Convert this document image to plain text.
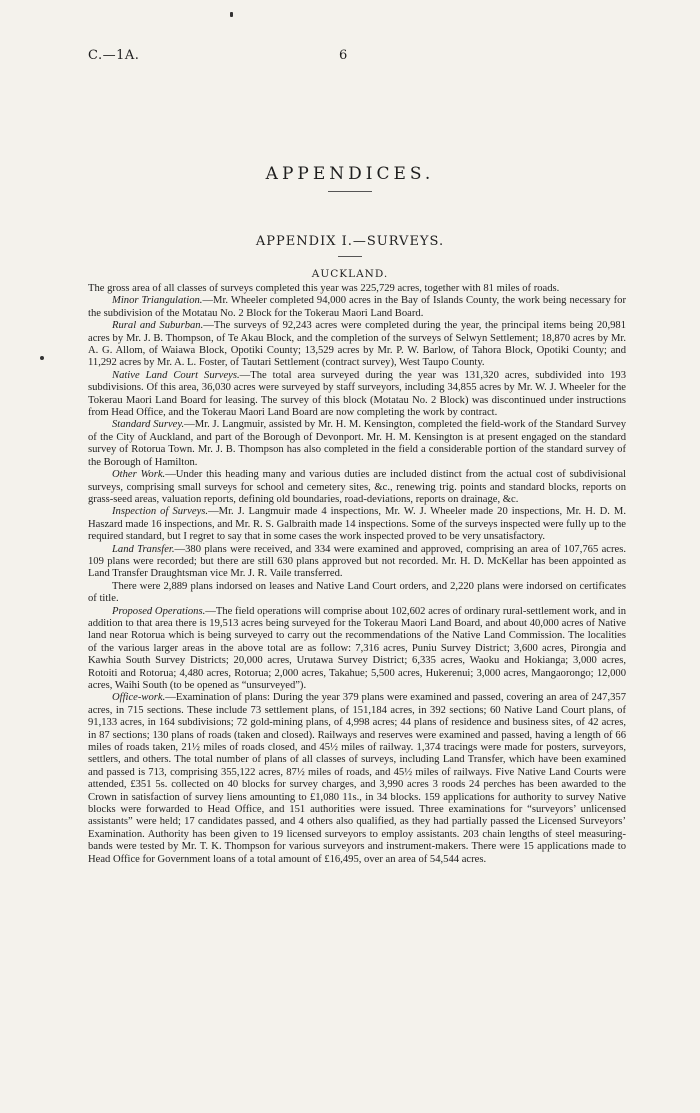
C.—1A.	6
APPENDICES.
APPENDIX I.—SURVEYS.
AUCKLAND.

The gross area of all classes of surveys completed this year was 225,729 acres, together with 81 miles of roads.

Minor Triangulation.—Mr. Wheeler completed 94,000 acres in the Bay of Islands County, the work being necessary for the subdivision of the Motatau No. 2 Block for the Tokerau Maori Land Board.

Rural and Suburban.—The surveys of 92,243 acres were completed during the year, the principal items being 20,981 acres by Mr. J. B. Thompson, of Te Akau Block, and the completion of the surveys of Selwyn Settlement; 18,870 acres by Mr. A. G. Allom, of Waiawa Block, Opotiki County; 13,529 acres by Mr. P. W. Barlow, of Tahora Block, Opotiki County; and 11,292 acres by Mr. A. L. Foster, of Tautari Settlement (contract survey), West Taupo County.

Native Land Court Surveys.—The total area surveyed during the year was 131,320 acres, subdivided into 193 subdivisions. Of this area, 36,030 acres were surveyed by staff surveyors, including 34,855 acres by Mr. W. J. Wheeler for the Tokerau Maori Land Board for leasing. The survey of this block (Motatau No. 2 Block) was discontinued under instructions from Head Office, and the Tokerau Maori Land Board are now completing the work by contract.

Standard Survey.—Mr. J. Langmuir, assisted by Mr. H. M. Kensington, completed the field-work of the Standard Survey of the City of Auckland, and part of the Borough of Devonport. Mr. H. M. Kensington is at present engaged on the standard survey of Rotorua Town. Mr. J. B. Thompson has also completed in the field a considerable portion of the standard survey of the Borough of Hamilton.

Other Work.—Under this heading many and various duties are included distinct from the actual cost of subdivisional surveys, comprising small surveys for school and cemetery sites, &c., renewing trig. points and standard blocks, reports on grass-seed areas, valuation reports, defining old boundaries, road-deviations, reports on drainage, &c.

Inspection of Surveys.—Mr. J. Langmuir made 4 inspections, Mr. W. J. Wheeler made 20 inspections, Mr. H. D. M. Haszard made 16 inspections, and Mr. R. S. Galbraith made 14 inspections. Some of the surveys inspected were fully up to the required standard, but I regret to say that in some cases the work inspected proved to be very unsatisfactory.

Land Transfer.—380 plans were received, and 334 were examined and approved, comprising an area of 107,765 acres. 109 plans were recorded; but there are still 630 plans approved but not recorded. Mr. H. D. McKellar has been appointed as Land Transfer Draughtsman vice Mr. J. R. Vaile transferred.

There were 2,889 plans indorsed on leases and Native Land Court orders, and 2,220 plans were indorsed on certificates of title.

Proposed Operations.—The field operations will comprise about 102,602 acres of ordinary rural-settlement work, and in addition to that area there is 19,513 acres being surveyed for the Tokerau Maori Land Board, and about 40,000 acres of Native land near Rotorua which is being surveyed to carry out the recommendations of the Native Land Commission. The localities of the various larger areas in the above total are as follow: 7,316 acres, Puniu Survey District; 3,600 acres, Pirongia and Kawhia South Survey Districts; 20,000 acres, Urutawa Survey District; 6,335 acres, Waoku and Hokianga; 3,000 acres, Rotoiti and Rotorua; 4,480 acres, Rotorua; 2,000 acres, Takahue; 5,500 acres, Hukerenui; 3,000 acres, Mangaorongo; 12,000 acres, Waihi South (to be opened as “unsurveyed”).

Office-work.—Examination of plans: During the year 379 plans were examined and passed, covering an area of 247,357 acres, in 715 sections. These include 73 settlement plans, of 151,184 acres, in 392 sections; 60 Native Land Court plans, of 91,133 acres, in 164 subdivisions; 72 gold-mining plans, of 4,998 acres; 44 plans of residence and business sites, of 42 acres, in 87 sections; 130 plans of roads (taken and closed). Railways and reserves were examined and passed, having a length of 66 miles of roads taken, 21½ miles of roads closed, and 45½ miles of railway. 1,374 tracings were made for posters, surveyors, settlers, and others. The total number of plans of all classes of surveys, including Land Transfer, which have been examined and passed is 713, comprising 355,122 acres, 87½ miles of roads, and 45½ miles of railways. Five Native Land Courts were attended, £351 5s. collected on 40 blocks for survey charges, and 3,990 acres 3 roods 24 perches has been awarded to the Crown in satisfaction of survey liens amounting to £1,080 11s., in 34 blocks. 159 applications for authority to survey Native blocks were forwarded to Head Office, and 151 authorities were issued. Three examinations for “surveyors’ unlicensed assistants” were held; 17 candidates passed, and 4 others also qualified, as they had partially passed the Licensed Surveyors’ Examination. Authority has been given to 19 licensed surveyors to employ assistants. 203 chain lengths of steel measuring-bands were tested by Mr. T. K. Thompson for various surveyors and instrument-makers. There were 15 applications made to Head Office for Government loans of a total amount of £16,495, over an area of 54,544 acres.
